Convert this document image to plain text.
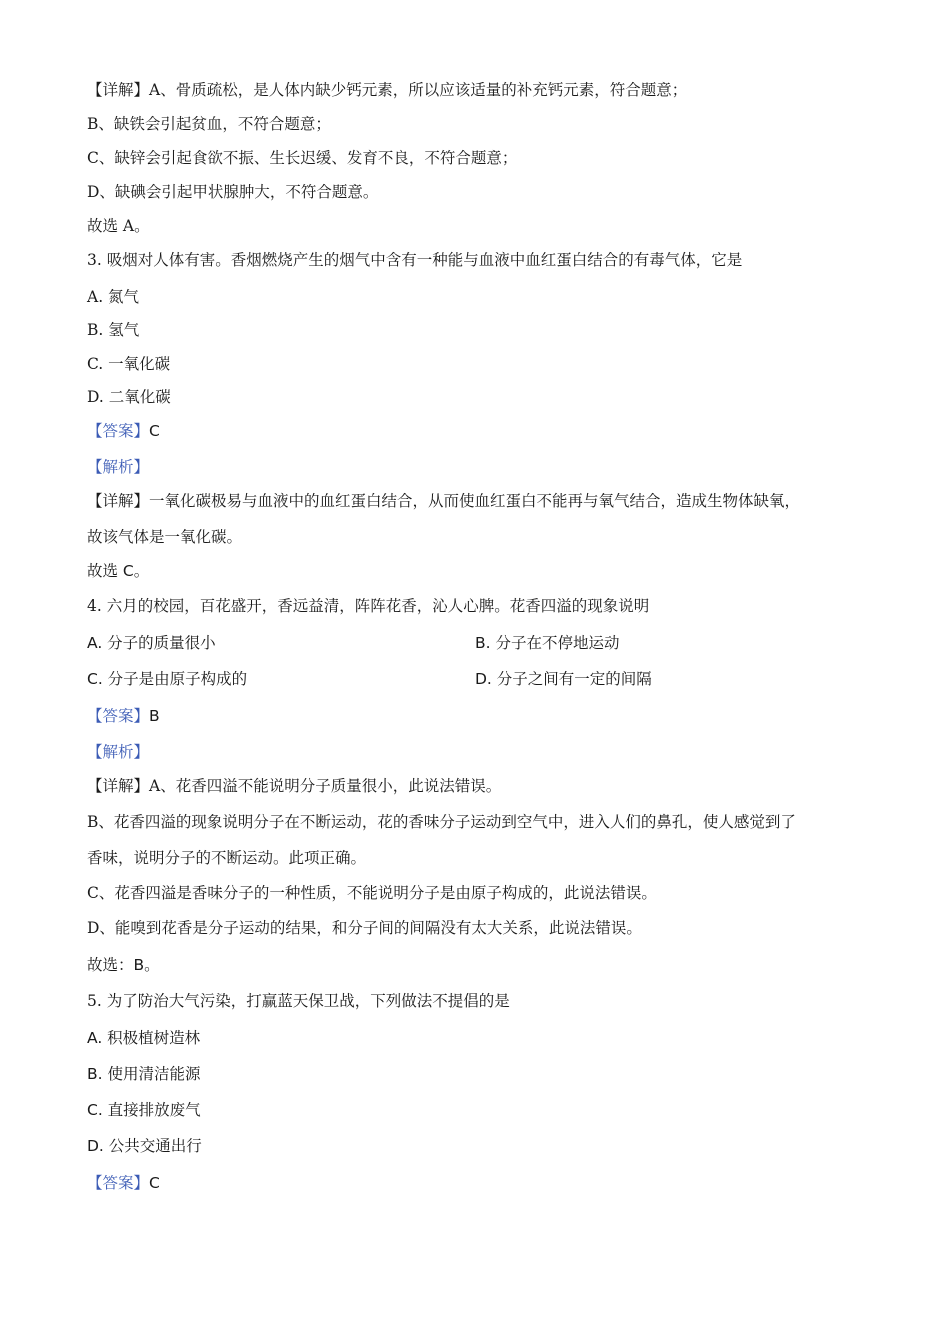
【详解】A、骨质疏松，是人体内缺少钙元素，所以应该适量的补充钙元素，符合题意；
B、缺铁会引起贫血，不符合题意；
C、缺锌会引起食欲不振、生长迟缓、发育不良，不符合题意；
D、缺碘会引起甲状腺肿大，不符合题意。
故选 A。
3. 吸烟对人体有害。香烟燃烧产生的烟气中含有一种能与血液中血红蛋白结合的有毒气体，它是
A. 氮气
B. 氢气
C. 一氧化碳
D. 二氧化碳
【答案】C
【解析】
【详解】一氧化碳极易与血液中的血红蛋白结合，从而使血红蛋白不能再与氧气结合，造成生物体缺氧，
故该气体是一氧化碳。
故选 C。
4. 六月的校园，百花盛开，香远益清，阵阵花香，沁人心脾。花香四溢的现象说明
A. 分子的质量很小	B. 分子在不停地运动
C. 分子是由原子构成的	D. 分子之间有一定的间隔
【答案】B
【解析】
【详解】A、花香四溢不能说明分子质量很小，此说法错误。
B、花香四溢的现象说明分子在不断运动，花的香味分子运动到空气中，进入人们的鼻孔，使人感觉到了
香味，说明分子的不断运动。此项正确。
C、花香四溢是香味分子的一种性质，不能说明分子是由原子构成的，此说法错误。
D、能嗅到花香是分子运动的结果，和分子间的间隔没有太大关系，此说法错误。
故选：B。
5. 为了防治大气污染，打赢蓝天保卫战，下列做法不提倡的是
A. 积极植树造林
B. 使用清洁能源
C. 直接排放废气
D. 公共交通出行
【答案】C
